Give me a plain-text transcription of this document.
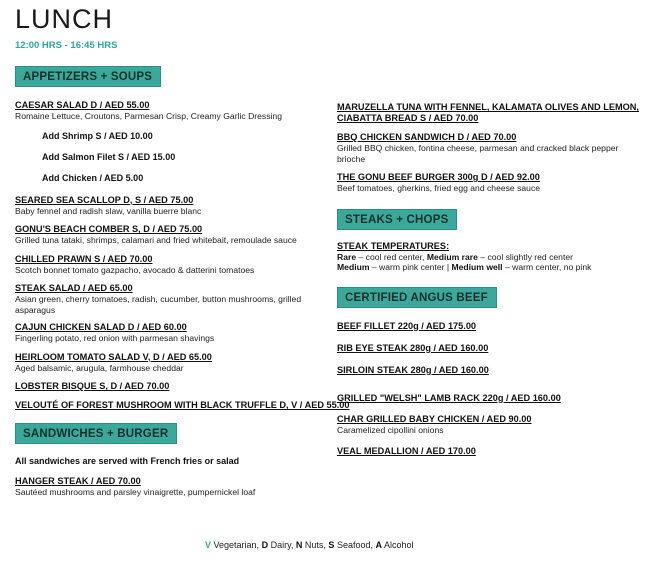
LUNCH
12:00 HRS - 16:45 HRS
APPETIZERS + SOUPS
CAESAR SALAD D / AED 55.00
Romaine Lettuce, Croutons, Parmesan Crisp, Creamy Garlic Dressing
Add Shrimp S / AED 10.00
Add Salmon Filet S / AED 15.00
Add Chicken / AED 5.00
SEARED SEA SCALLOP D, S / AED 75.00
Baby fennel and radish slaw, vanilla buerre blanc
GONU'S BEACH COMBER S, D / AED 75.00
Grilled tuna tataki, shrimps, calamari and fried whitebait, remoulade sauce
CHILLED PRAWN S / AED 70.00
Scotch bonnet tomato gazpacho, avocado & datterini tomatoes
STEAK SALAD / AED 65.00
Asian green, cherry tomatoes, radish, cucumber, button mushrooms, grilled
asparagus
CAJUN CHICKEN SALAD D / AED 60.00
Fingerling potato, red onion with parmesan shavings
HEIRLOOM TOMATO SALAD V, D / AED 65.00
Aged balsamic, arugula, farmhouse cheddar
LOBSTER BISQUE S, D / AED 70.00
VELOUTÉ OF FOREST MUSHROOM WITH BLACK TRUFFLE D, V / AED 55.00
SANDWICHES + BURGER
All sandwiches are served with French fries or salad
HANGER STEAK / AED 70.00
Sautéed mushrooms and parsley vinaigrette, pumpernickel loaf
MARUZELLA TUNA WITH FENNEL, KALAMATA OLIVES AND LEMON, CIABATTA BREAD S / AED 70.00
BBQ CHICKEN SANDWICH D / AED 70.00
Grilled BBQ chicken, fontina cheese, parmesan and cracked black pepper brioche
THE GONU BEEF BURGER 300g D / AED 92.00
Beef tomatoes, gherkins, fried egg and cheese sauce
STEAKS + CHOPS
STEAK TEMPERATURES:
Rare – cool red center, Medium rare – cool slightly red center
Medium – warm pink center | Medium well – warm center, no pink
CERTIFIED ANGUS BEEF
BEEF FILLET 220g / AED 175.00
RIB EYE STEAK 280g / AED 160.00
SIRLOIN STEAK 280g / AED 160.00
GRILLED "WELSH" LAMB RACK 220g / AED 160.00
CHAR GRILLED BABY CHICKEN / AED 90.00
Caramelized cipollini onions
VEAL MEDALLION / AED 170.00
V Vegetarian, D Dairy, N Nuts, S Seafood, A Alcohol
